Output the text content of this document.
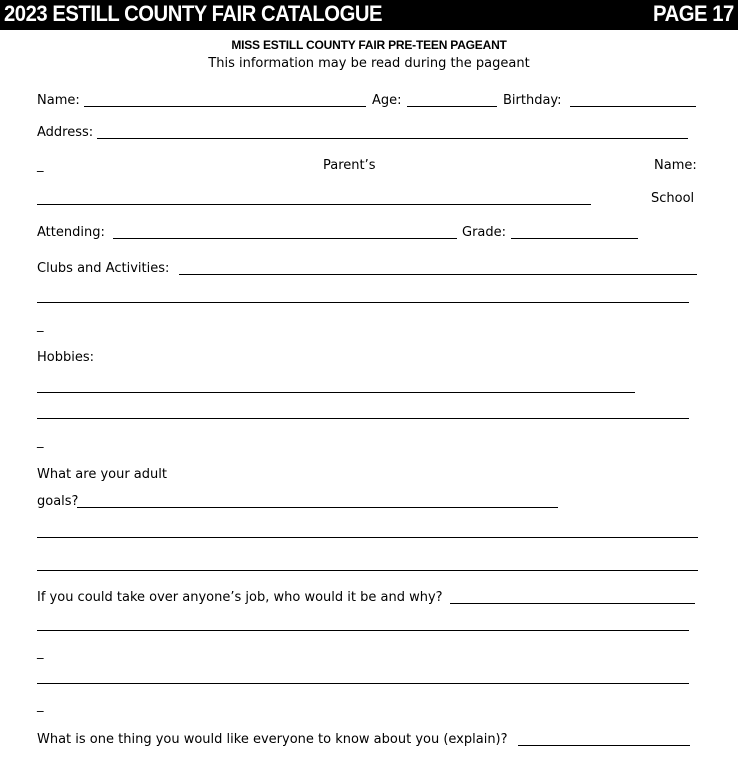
2023 ESTILL COUNTY FAIR CATALOGUE	PAGE 17
MISS ESTILL COUNTY FAIR PRE-TEEN PAGEANT
This information may be read during the pageant
Name:	Age:	Birthday:
Address:
_	Parent’s	Name:
School
Attending:	Grade:
Clubs and Activities:
_
Hobbies:
_
What are your adult
goals?
If you could take over anyone’s job, who would it be and why?
_
_
What is one thing you would like everyone to know about you (explain)?
